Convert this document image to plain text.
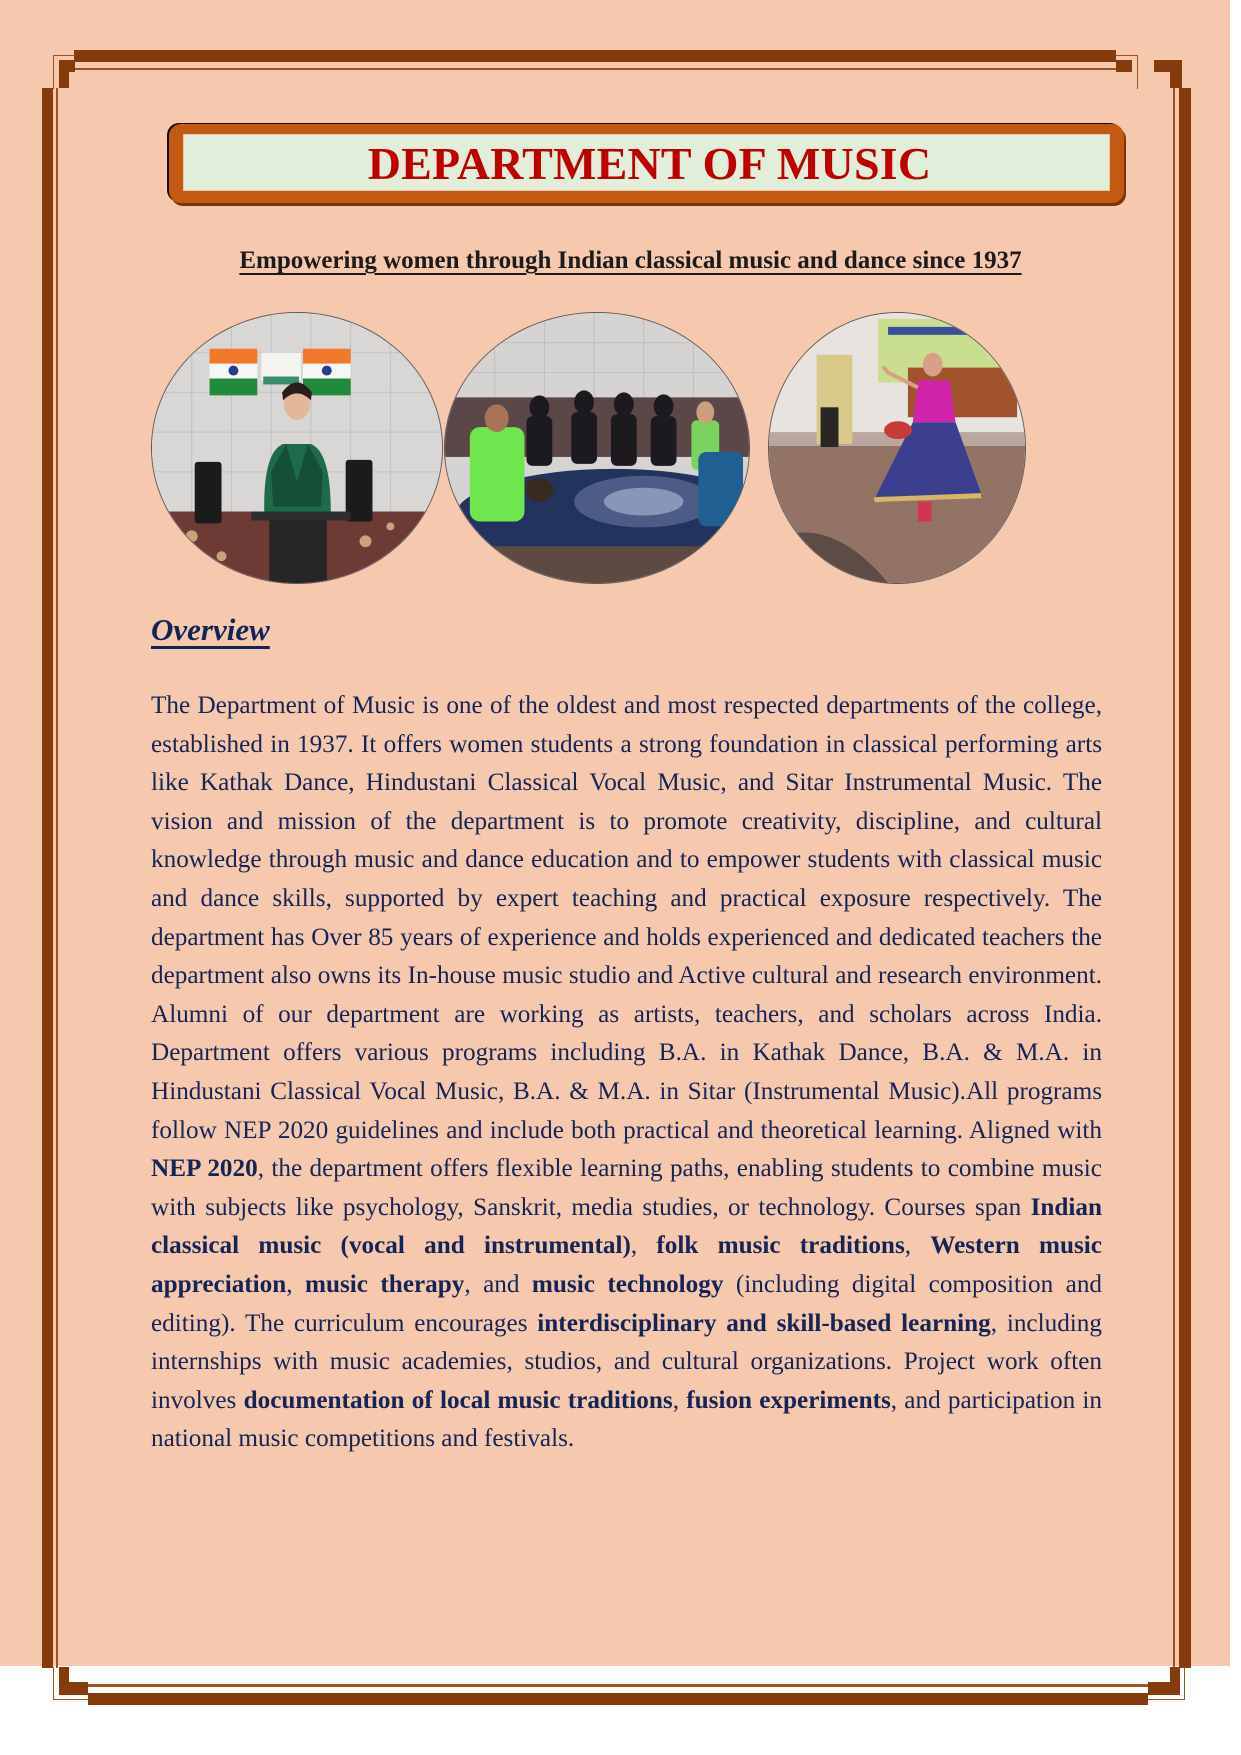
DEPARTMENT OF MUSIC
Empowering women through Indian classical music and dance since 1937
Overview

The Department of Music is one of the oldest and most respected departments of the college, established in 1937. It offers women students a strong foundation in classical performing arts like Kathak Dance, Hindustani Classical Vocal Music, and Sitar Instrumental Music. The vision and mission of the department is to promote creativity, discipline, and cultural knowledge through music and dance education and to empower students with classical music and dance skills, supported by expert teaching and practical exposure respectively. The department has Over 85 years of experience and holds experienced and dedicated teachers the department also owns its In-house music studio and Active cultural and research environment. Alumni of our department are working as artists, teachers, and scholars across India. Department offers various programs including B.A. in Kathak Dance, B.A. & M.A. in Hindustani Classical Vocal Music, B.A. & M.A. in Sitar (Instrumental Music).All programs follow NEP 2020 guidelines and include both practical and theoretical learning. Aligned with NEP 2020, the department offers flexible learning paths, enabling students to combine music with subjects like psychology, Sanskrit, media studies, or technology. Courses span Indian classical music (vocal and instrumental), folk music traditions, Western music appreciation, music therapy, and music technology (including digital composition and editing). The curriculum encourages interdisciplinary and skill-based learning, including internships with music academies, studios, and cultural organizations. Project work often involves documentation of local music traditions, fusion experiments, and participation in national music competitions and festivals.
